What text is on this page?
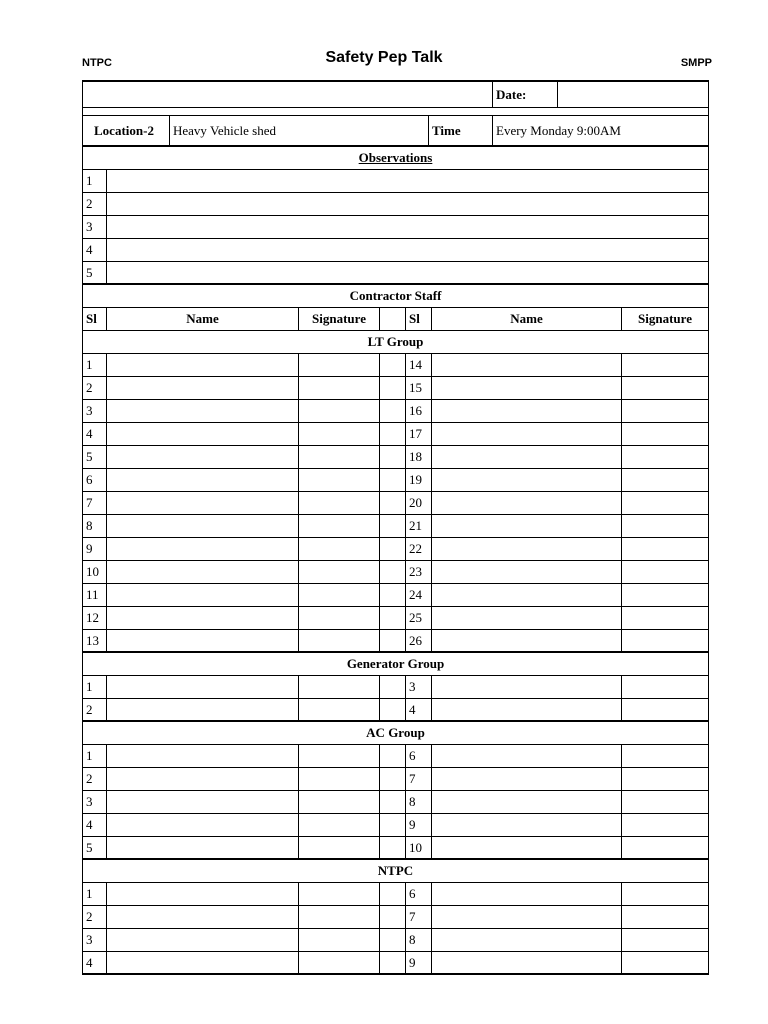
NTPC	Safety Pep Talk	SMPP
Date:
Location-2	Heavy Vehicle shed	Time	Every Monday 9:00AM
Observations
1
2
3
4
5
Contractor Staff
Sl	Name	Signature	Sl	Name	Signature
LT Group
1	14
2	15
3	16
4	17
5	18
6	19
7	20
8	21
9	22
10	23
11	24
12	25
13	26
Generator Group
1	3
2	4
AC Group
1	6
2	7
3	8
4	9
5	10
NTPC
1	6
2	7
3	8
4	9
